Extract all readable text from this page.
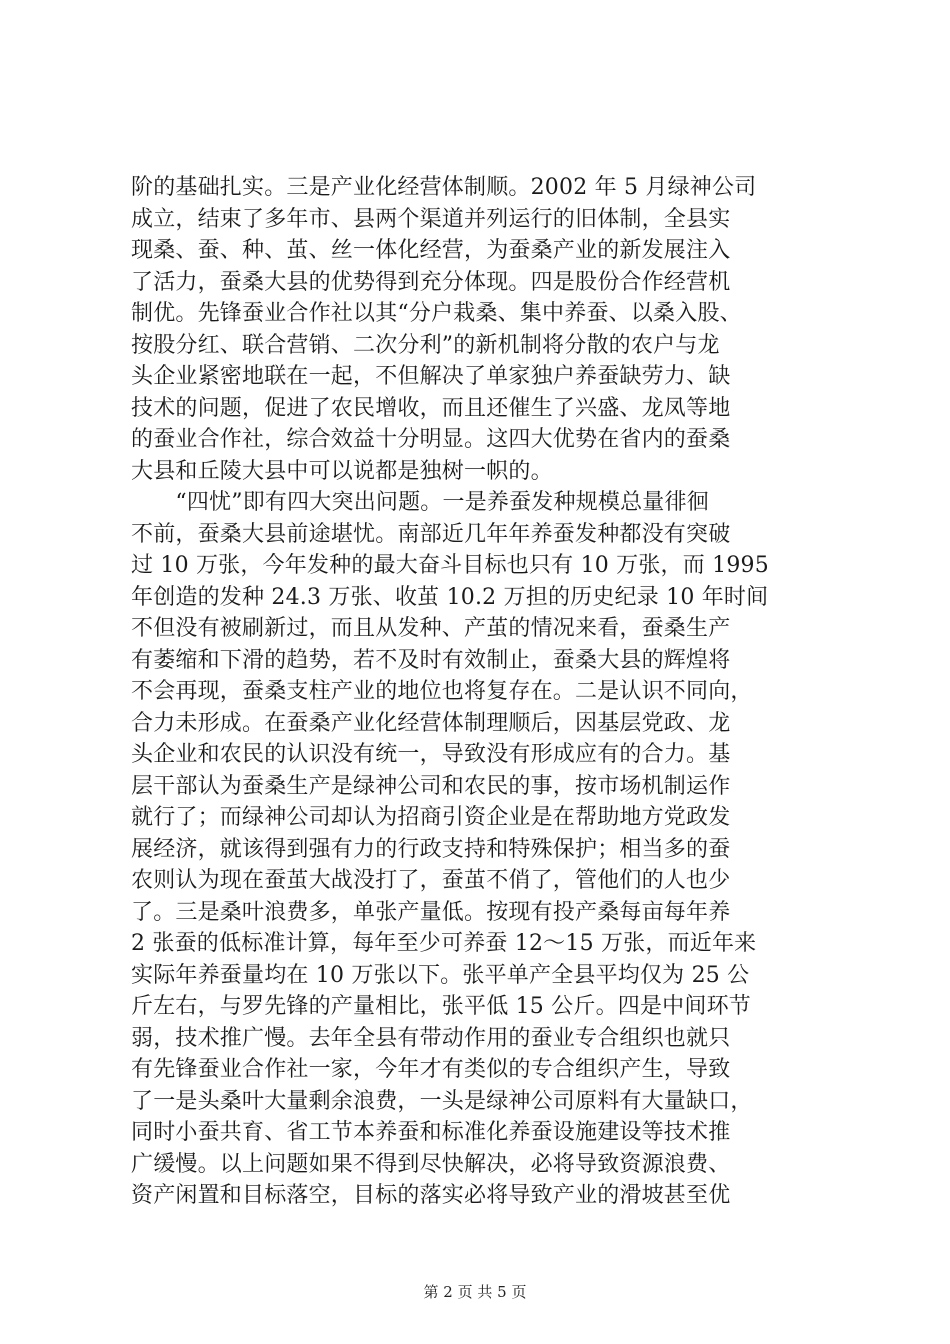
阶的基础扎实。三是产业化经营体制顺。2002 年 5 月绿神公司
成立，结束了多年市、县两个渠道并列运行的旧体制，全县实
现桑、蚕、种、茧、丝一体化经营，为蚕桑产业的新发展注入
了活力，蚕桑大县的优势得到充分体现。四是股份合作经营机
制优。先锋蚕业合作社以其“分户栽桑、集中养蚕、以桑入股、
按股分红、联合营销、二次分利”的新机制将分散的农户与龙
头企业紧密地联在一起，不但解决了单家独户养蚕缺劳力、缺
技术的问题，促进了农民增收，而且还催生了兴盛、龙凤等地
的蚕业合作社，综合效益十分明显。这四大优势在省内的蚕桑
大县和丘陵大县中可以说都是独树一帜的。
　　“四忧”即有四大突出问题。一是养蚕发种规模总量徘徊
不前，蚕桑大县前途堪忧。南部近几年年养蚕发种都没有突破
过 10 万张，今年发种的最大奋斗目标也只有 10 万张，而 1995
年创造的发种 24.3 万张、收茧 10.2 万担的历史纪录 10 年时间
不但没有被刷新过，而且从发种、产茧的情况来看，蚕桑生产
有萎缩和下滑的趋势，若不及时有效制止，蚕桑大县的辉煌将
不会再现，蚕桑支柱产业的地位也将复存在。二是认识不同向，
合力未形成。在蚕桑产业化经营体制理顺后，因基层党政、龙
头企业和农民的认识没有统一，导致没有形成应有的合力。基
层干部认为蚕桑生产是绿神公司和农民的事，按市场机制运作
就行了；而绿神公司却认为招商引资企业是在帮助地方党政发
展经济，就该得到强有力的行政支持和特殊保护；相当多的蚕
农则认为现在蚕茧大战没打了，蚕茧不俏了，管他们的人也少
了。三是桑叶浪费多，单张产量低。按现有投产桑每亩每年养
2 张蚕的低标准计算，每年至少可养蚕 12～15 万张，而近年来
实际年养蚕量均在 10 万张以下。张平单产全县平均仅为 25 公
斤左右，与罗先锋的产量相比，张平低 15 公斤。四是中间环节
弱，技术推广慢。去年全县有带动作用的蚕业专合组织也就只
有先锋蚕业合作社一家，今年才有类似的专合组织产生，导致
了一是头桑叶大量剩余浪费，一头是绿神公司原料有大量缺口，
同时小蚕共育、省工节本养蚕和标准化养蚕设施建设等技术推
广缓慢。以上问题如果不得到尽快解决，必将导致资源浪费、
资产闲置和目标落空，目标的落实必将导致产业的滑坡甚至优
第 2 页 共 5 页
